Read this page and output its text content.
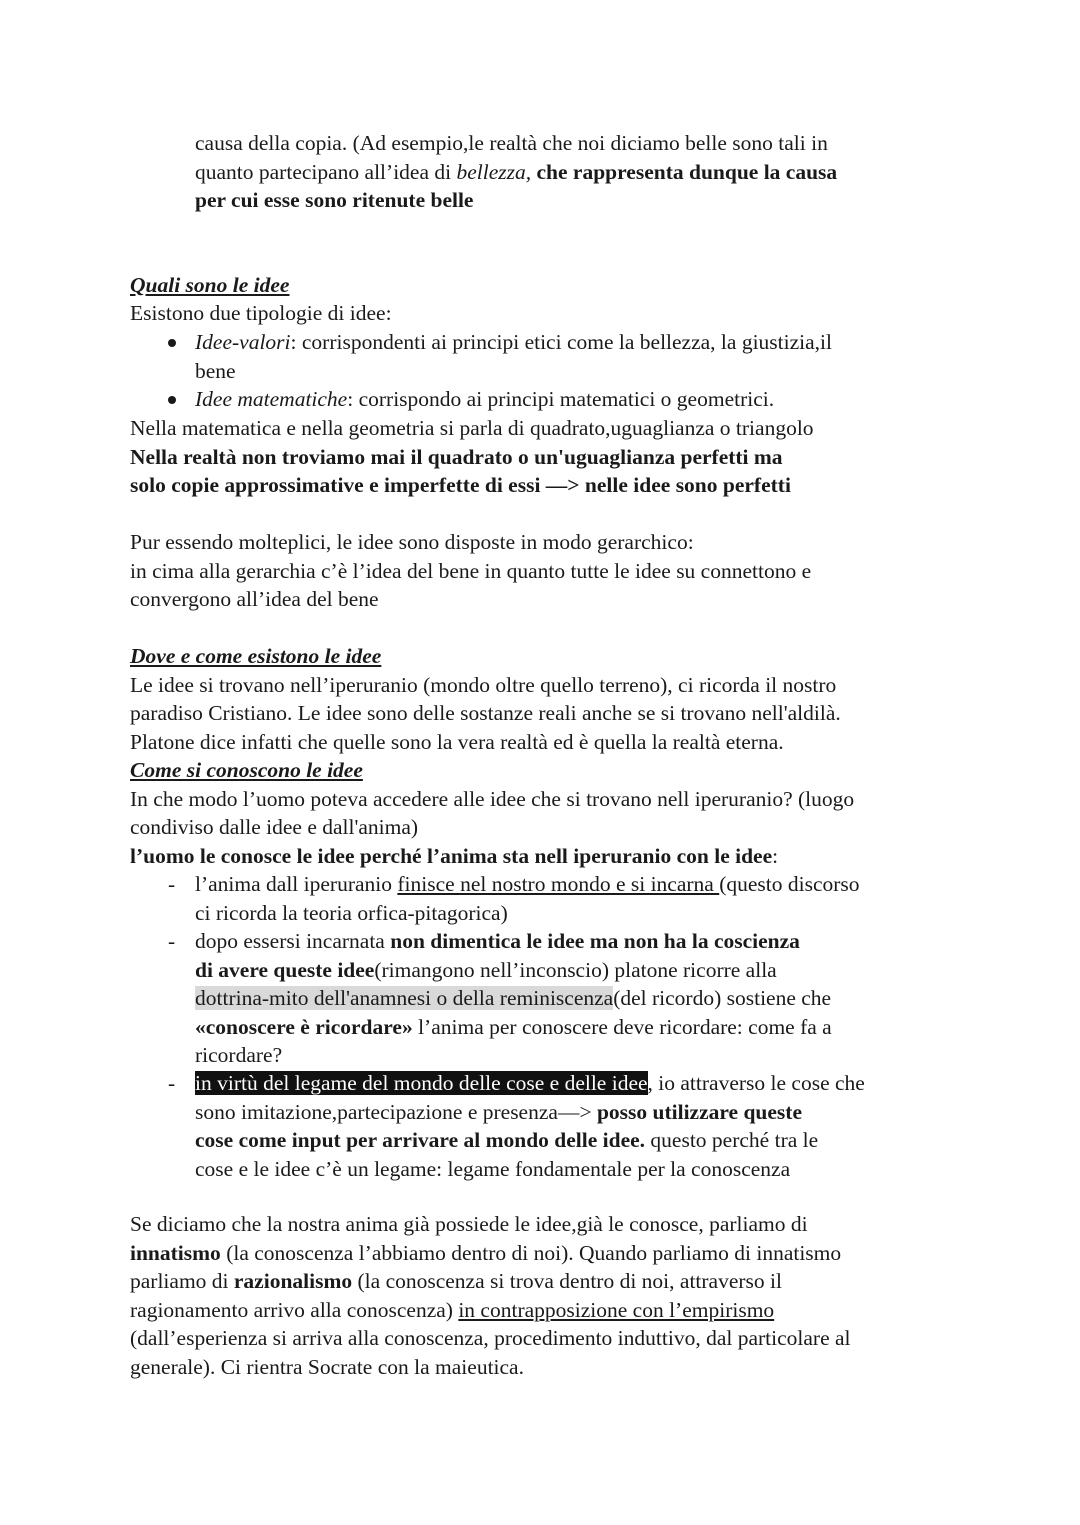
causa della copia. (Ad esempio,le realtà che noi diciamo belle sono tali in
quanto partecipano all’idea di bellezza, che rappresenta dunque la causa
per cui esse sono ritenute belle
Quali sono le idee
Esistono due tipologie di idee:
Idee-valori: corrispondenti ai principi etici come la bellezza, la giustizia,il
bene
Idee matematiche: corrispondo ai principi matematici o geometrici.
Nella matematica e nella geometria si parla di quadrato,uguaglianza o triangolo
Nella realtà non troviamo mai il quadrato o un'uguaglianza perfetti ma
solo copie approssimative e imperfette di essi —> nelle idee sono perfetti
Pur essendo molteplici, le idee sono disposte in modo gerarchico:
in cima alla gerarchia c’è l’idea del bene in quanto tutte le idee su connettono e
convergono all’idea del bene
Dove e come esistono le idee
Le idee si trovano nell’iperuranio (mondo oltre quello terreno), ci ricorda il nostro
paradiso Cristiano. Le idee sono delle sostanze reali anche se si trovano nell'aldilà.
Platone dice infatti che quelle sono la vera realtà ed è quella la realtà eterna.
Come si conoscono le idee
In che modo l’uomo poteva accedere alle idee che si trovano nell iperuranio? (luogo
condiviso dalle idee e dall'anima)
l’uomo le conosce le idee perché l’anima sta nell iperuranio con le idee:
- l’anima dall iperuranio finisce nel nostro mondo e si incarna (questo discorso
ci ricorda la teoria orfica-pitagorica)
- dopo essersi incarnata non dimentica le idee ma non ha la coscienza
di avere queste idee(rimangono nell’inconscio) platone ricorre alla
dottrina-mito dell'anamnesi o della reminiscenza(del ricordo) sostiene che
«conoscere è ricordare» l’anima per conoscere deve ricordare: come fa a
ricordare?
- in virtù del legame del mondo delle cose e delle idee, io attraverso le cose che
sono imitazione,partecipazione e presenza—> posso utilizzare queste
cose come input per arrivare al mondo delle idee. questo perché tra le
cose e le idee c’è un legame: legame fondamentale per la conoscenza
Se diciamo che la nostra anima già possiede le idee,già le conosce, parliamo di
innatismo (la conoscenza l’abbiamo dentro di noi). Quando parliamo di innatismo
parliamo di razionalismo (la conoscenza si trova dentro di noi, attraverso il
ragionamento arrivo alla conoscenza) in contrapposizione con l’empirismo
(dall’esperienza si arriva alla conoscenza, procedimento induttivo, dal particolare al
generale). Ci rientra Socrate con la maieutica.
